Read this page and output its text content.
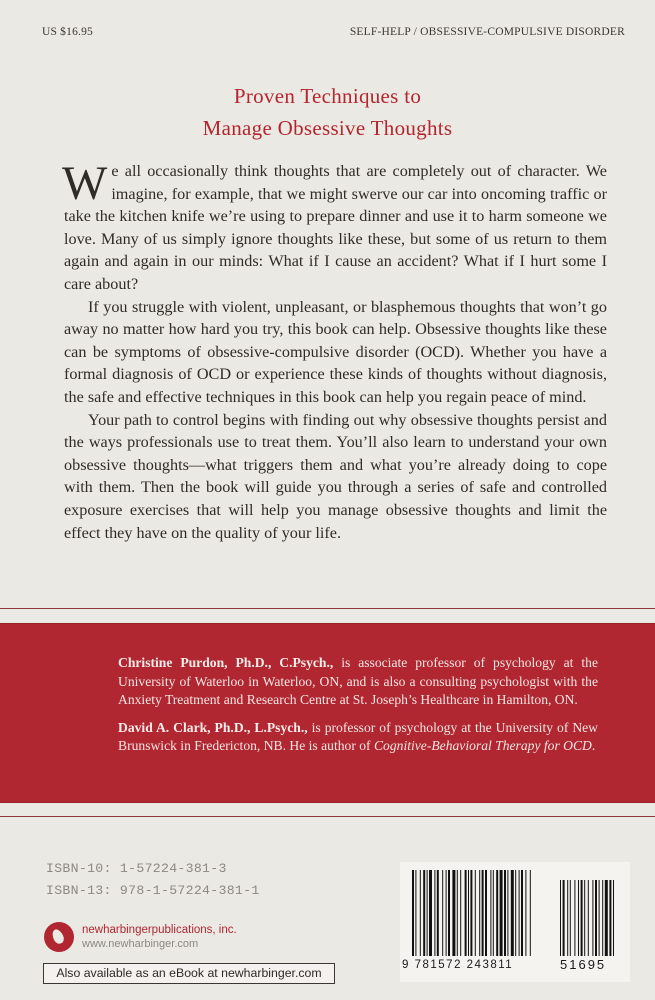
US $16.95	SELF-HELP / OBSESSIVE-COMPULSIVE DISORDER
Proven Techniques to
Manage Obsessive Thoughts

We all occasionally think thoughts that are completely out of character. We imagine, for example, that we might swerve our car into oncoming traffic or take the kitchen knife we’re using to prepare dinner and use it to harm someone we love. Many of us simply ignore thoughts like these, but some of us return to them again and again in our minds: What if I cause an accident? What if I hurt some I care about?

If you struggle with violent, unpleasant, or blasphemous thoughts that won’t go away no matter how hard you try, this book can help. Obsessive thoughts like these can be symptoms of obsessive-compulsive disorder (OCD). Whether you have a formal diagnosis of OCD or experience these kinds of thoughts without diagnosis, the safe and effective techniques in this book can help you regain peace of mind.

Your path to control begins with finding out why obsessive thoughts persist and the ways professionals use to treat them. You’ll also learn to understand your own obsessive thoughts—what triggers them and what you’re already doing to cope with them. Then the book will guide you through a series of safe and controlled exposure exercises that will help you manage obsessive thoughts and limit the effect they have on the quality of your life.

Christine Purdon, Ph.D., C.Psych., is associate professor of psychology at the University of Waterloo in Waterloo, ON, and is also a consulting psychologist with the Anxiety Treatment and Research Centre at St. Joseph’s Healthcare in Hamilton, ON.

David A. Clark, Ph.D., L.Psych., is professor of psychology at the University of New Brunswick in Fredericton, NB. He is author of Cognitive-Behavioral Therapy for OCD.

ISBN-10: 1-57224-381-3
ISBN-13: 978-1-57224-381-1
newharbingerpublications, inc.
www.newharbinger.com
Also available as an eBook at newharbinger.com
9 781572 243811	51695
